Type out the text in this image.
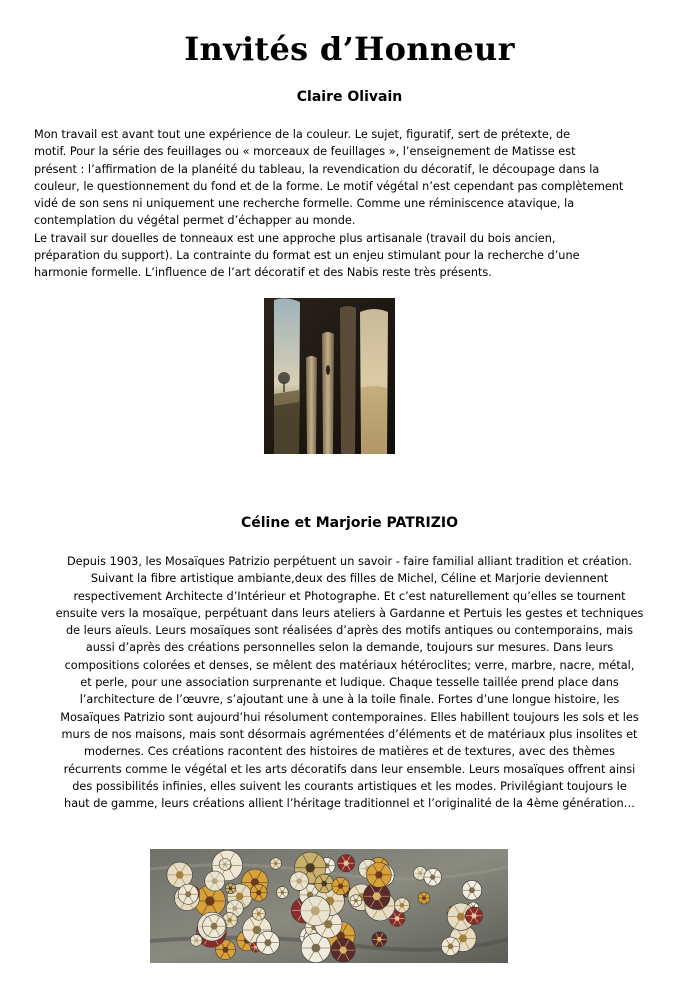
Invités d’Honneur
Claire Olivain
Mon travail est avant tout une expérience de la couleur. Le sujet, figuratif, sert de prétexte, de
motif. Pour la série des feuillages ou « morceaux de feuillages », l’enseignement de Matisse est
présent : l’affirmation de la planéité du tableau, la revendication du décoratif, le découpage dans la
couleur, le questionnement du fond et de la forme. Le motif végétal n’est cependant pas complètement
vidé de son sens ni uniquement une recherche formelle. Comme une réminiscence atavique, la
contemplation du végétal permet d’échapper au monde.
Le travail sur douelles de tonneaux est une approche plus artisanale (travail du bois ancien,
préparation du support). La contrainte du format est un enjeu stimulant pour la recherche d’une
harmonie formelle. L’influence de l’art décoratif et des Nabis reste très présents.
Céline et Marjorie PATRIZIO
Depuis 1903, les Mosaïques Patrizio perpétuent un savoir - faire familial alliant tradition et création.
Suivant la fibre artistique ambiante,deux des filles de Michel, Céline et Marjorie deviennent
respectivement Architecte d’Intérieur et Photographe. Et c’est naturellement qu’elles se tournent
ensuite vers la mosaïque, perpétuant dans leurs ateliers à Gardanne et Pertuis les gestes et techniques
de leurs aïeuls. Leurs mosaïques sont réalisées d’après des motifs antiques ou contemporains, mais
aussi d’après des créations personnelles selon la demande, toujours sur mesures. Dans leurs
compositions colorées et denses, se mêlent des matériaux hétéroclites; verre, marbre, nacre, métal,
et perle, pour une association surprenante et ludique. Chaque tesselle taillée prend place dans
l’architecture de l’œuvre, s’ajoutant une à une à la toile finale. Fortes d’une longue histoire, les
Mosaïques Patrizio sont aujourd’hui résolument contemporaines. Elles habillent toujours les sols et les
murs de nos maisons, mais sont désormais agrémentées d’éléments et de matériaux plus insolites et
modernes. Ces créations racontent des histoires de matières et de textures, avec des thèmes
récurrents comme le végétal et les arts décoratifs dans leur ensemble. Leurs mosaïques offrent ainsi
des possibilités infinies, elles suivent les courants artistiques et les modes. Privilégiant toujours le
haut de gamme, leurs créations allient l’héritage traditionnel et l’originalité de la 4ème génération…
